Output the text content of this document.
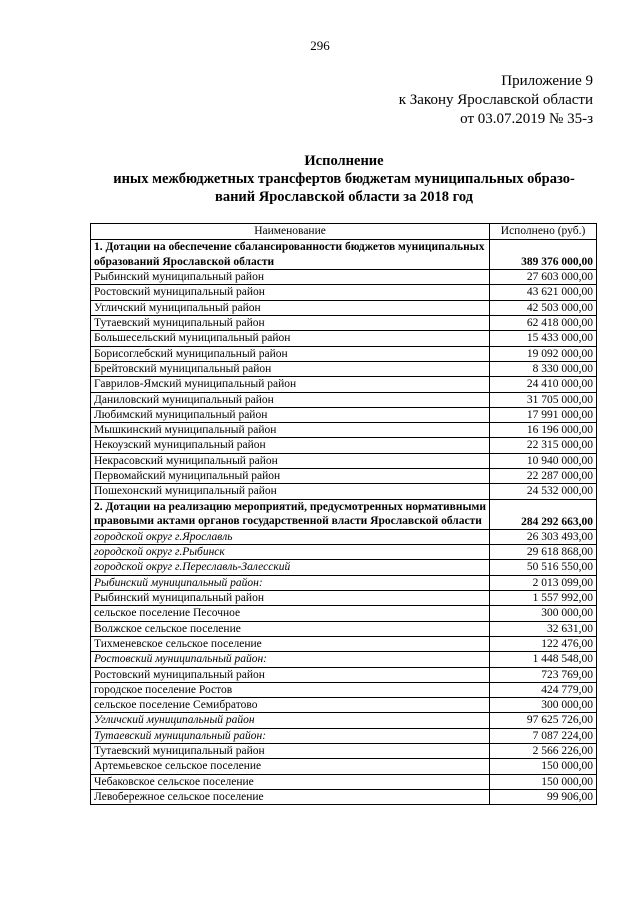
296
Приложение 9
к Закону Ярославской области
от 03.07.2019 № 35-з
Исполнение
иных межбюджетных трансфертов бюджетам муниципальных образо-
ваний Ярославской области за 2018 год
Наименование	Исполнено (руб.)
1. Дотации на обеспечение сбалансированности бюджетов муниципальных образований Ярославской области	389 376 000,00
Рыбинский муниципальный район	27 603 000,00
Ростовский муниципальный район	43 621 000,00
Угличский муниципальный район	42 503 000,00
Тутаевский муниципальный район	62 418 000,00
Большесельский муниципальный район	15 433 000,00
Борисоглебский муниципальный район	19 092 000,00
Брейтовский муниципальный район	8 330 000,00
Гаврилов-Ямский муниципальный район	24 410 000,00
Даниловский муниципальный район	31 705 000,00
Любимский муниципальный район	17 991 000,00
Мышкинский муниципальный район	16 196 000,00
Некоузский муниципальный район	22 315 000,00
Некрасовский муниципальный район	10 940 000,00
Первомайский муниципальный район	22 287 000,00
Пошехонский муниципальный район	24 532 000,00
2. Дотации на реализацию мероприятий, предусмотренных нормативными правовыми актами органов государственной власти Ярославской области	284 292 663,00
городской округ г.Ярославль	26 303 493,00
городской округ г.Рыбинск	29 618 868,00
городской округ г.Переславль-Залесский	50 516 550,00
Рыбинский муниципальный район:	2 013 099,00
Рыбинский муниципальный район	1 557 992,00
сельское поселение Песочное	300 000,00
Волжское сельское поселение	32 631,00
Тихменевское сельское поселение	122 476,00
Ростовский муниципальный район:	1 448 548,00
Ростовский муниципальный район	723 769,00
городское поселение Ростов	424 779,00
сельское поселение Семибратово	300 000,00
Угличский муниципальный район	97 625 726,00
Тутаевский муниципальный район:	7 087 224,00
Тутаевский муниципальный район	2 566 226,00
Артемьевское сельское поселение	150 000,00
Чебаковское сельское поселение	150 000,00
Левобережное сельское поселение	99 906,00
